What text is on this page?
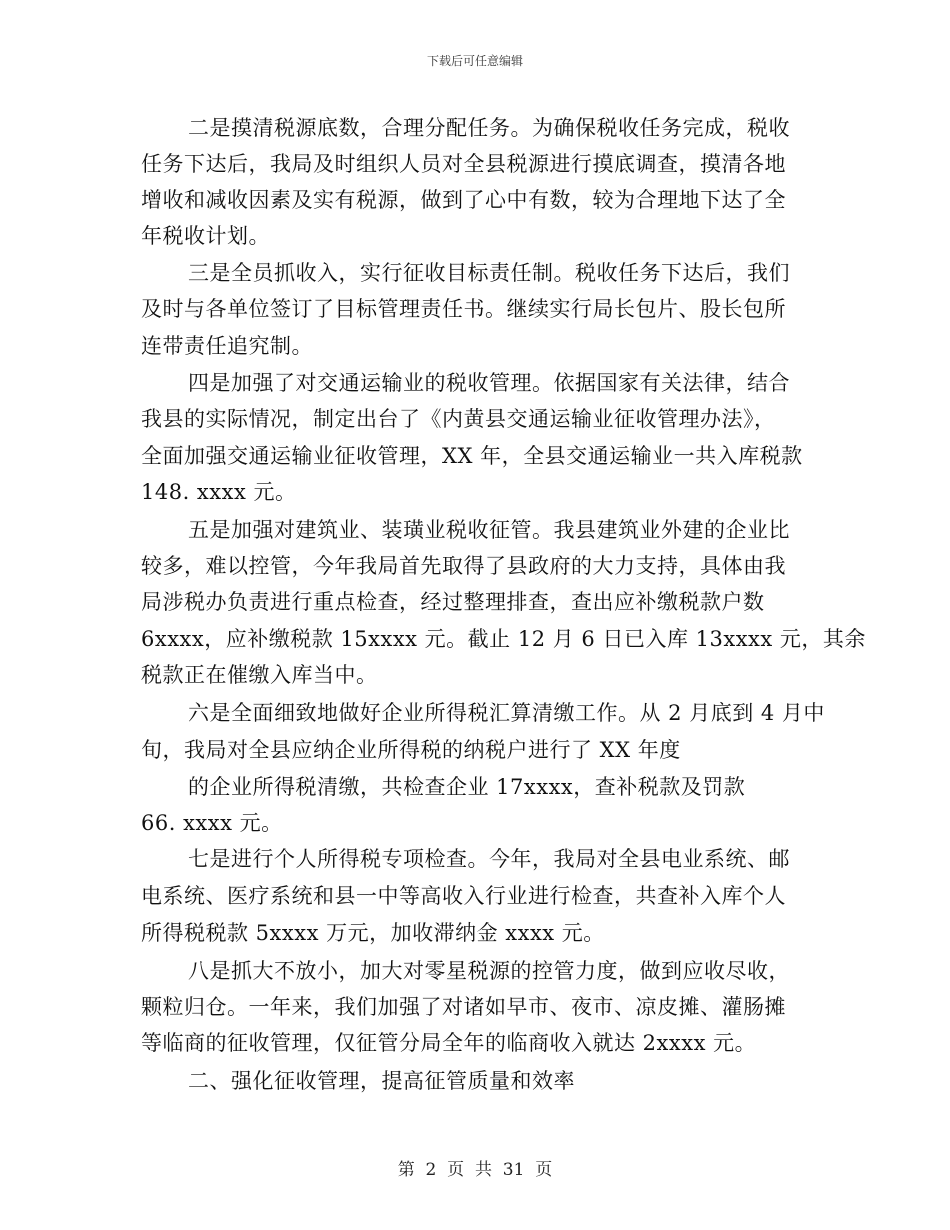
下载后可任意编辑
二是摸清税源底数，合理分配任务。为确保税收任务完成，税收
任务下达后，我局及时组织人员对全县税源进行摸底调查，摸清各地
增收和减收因素及实有税源，做到了心中有数，较为合理地下达了全
年税收计划。
三是全员抓收入，实行征收目标责任制。税收任务下达后，我们
及时与各单位签订了目标管理责任书。继续实行局长包片、股长包所
连带责任追究制。
四是加强了对交通运输业的税收管理。依据国家有关法律，结合
我县的实际情况，制定出台了《内黄县交通运输业征收管理办法》，
全面加强交通运输业征收管理，XX 年，全县交通运输业一共入库税款
148. xxxx 元。
五是加强对建筑业、装璜业税收征管。我县建筑业外建的企业比
较多，难以控管，今年我局首先取得了县政府的大力支持，具体由我
局涉税办负责进行重点检查，经过整理排查，查出应补缴税款户数
6xxxx，应补缴税款 15xxxx 元。截止 12 月 6 日已入库 13xxxx 元，其余
税款正在催缴入库当中。
六是全面细致地做好企业所得税汇算清缴工作。从 2 月底到 4 月中
旬，我局对全县应纳企业所得税的纳税户进行了 XX 年度
的企业所得税清缴，共检查企业 17xxxx，查补税款及罚款
66. xxxx 元。
七是进行个人所得税专项检查。今年，我局对全县电业系统、邮
电系统、医疗系统和县一中等高收入行业进行检查，共查补入库个人
所得税税款 5xxxx 万元，加收滞纳金 xxxx 元。
八是抓大不放小，加大对零星税源的控管力度，做到应收尽收，
颗粒归仓。一年来，我们加强了对诸如早市、夜市、凉皮摊、灌肠摊
等临商的征收管理，仅征管分局全年的临商收入就达 2xxxx 元。
二、强化征收管理，提高征管质量和效率
第  2  页  共  31  页
